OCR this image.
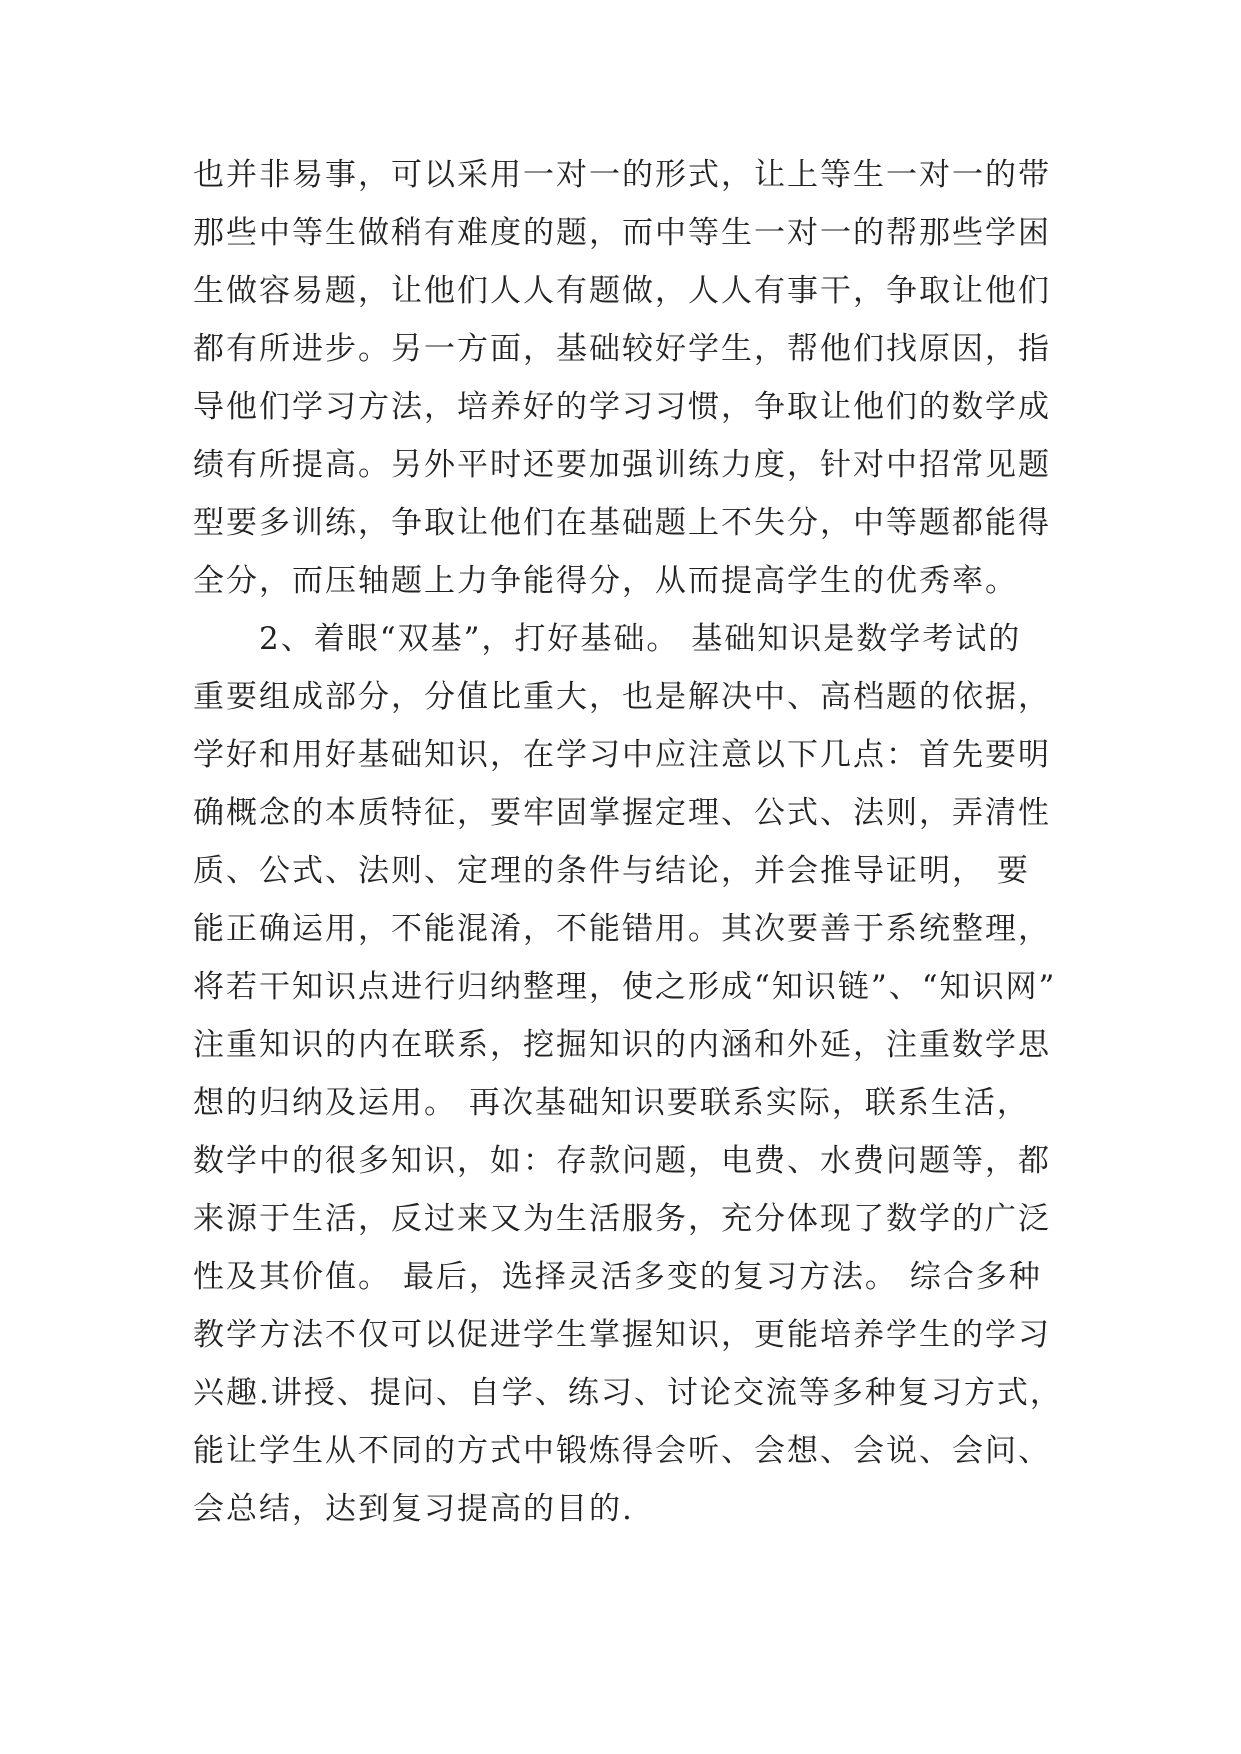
也并非易事，可以采用一对一的形式，让上等生一对一的带
那些中等生做稍有难度的题，而中等生一对一的帮那些学困
生做容易题，让他们人人有题做，人人有事干，争取让他们
都有所进步。另一方面，基础较好学生，帮他们找原因，指
导他们学习方法，培养好的学习习惯，争取让他们的数学成
绩有所提高。另外平时还要加强训练力度，针对中招常见题
型要多训练，争取让他们在基础题上不失分，中等题都能得
全分，而压轴题上力争能得分，从而提高学生的优秀率。
　　2、着眼“双基”，打好基础。 基础知识是数学考试的
重要组成部分，分值比重大，也是解决中、高档题的依据，
学好和用好基础知识，在学习中应注意以下几点：首先要明
确概念的本质特征，要牢固掌握定理、公式、法则，弄清性
质、公式、法则、定理的条件与结论，并会推导证明， 要
能正确运用，不能混淆，不能错用。其次要善于系统整理，
将若干知识点进行归纳整理，使之形成“知识链”、“知识网”
注重知识的内在联系，挖掘知识的内涵和外延，注重数学思
想的归纳及运用。 再次基础知识要联系实际，联系生活，
数学中的很多知识，如：存款问题，电费、水费问题等，都
来源于生活，反过来又为生活服务，充分体现了数学的广泛
性及其价值。 最后，选择灵活多变的复习方法。 综合多种
教学方法不仅可以促进学生掌握知识，更能培养学生的学习
兴趣.讲授、提问、自学、练习、讨论交流等多种复习方式，
能让学生从不同的方式中锻炼得会听、会想、会说、会问、
会总结，达到复习提高的目的.
